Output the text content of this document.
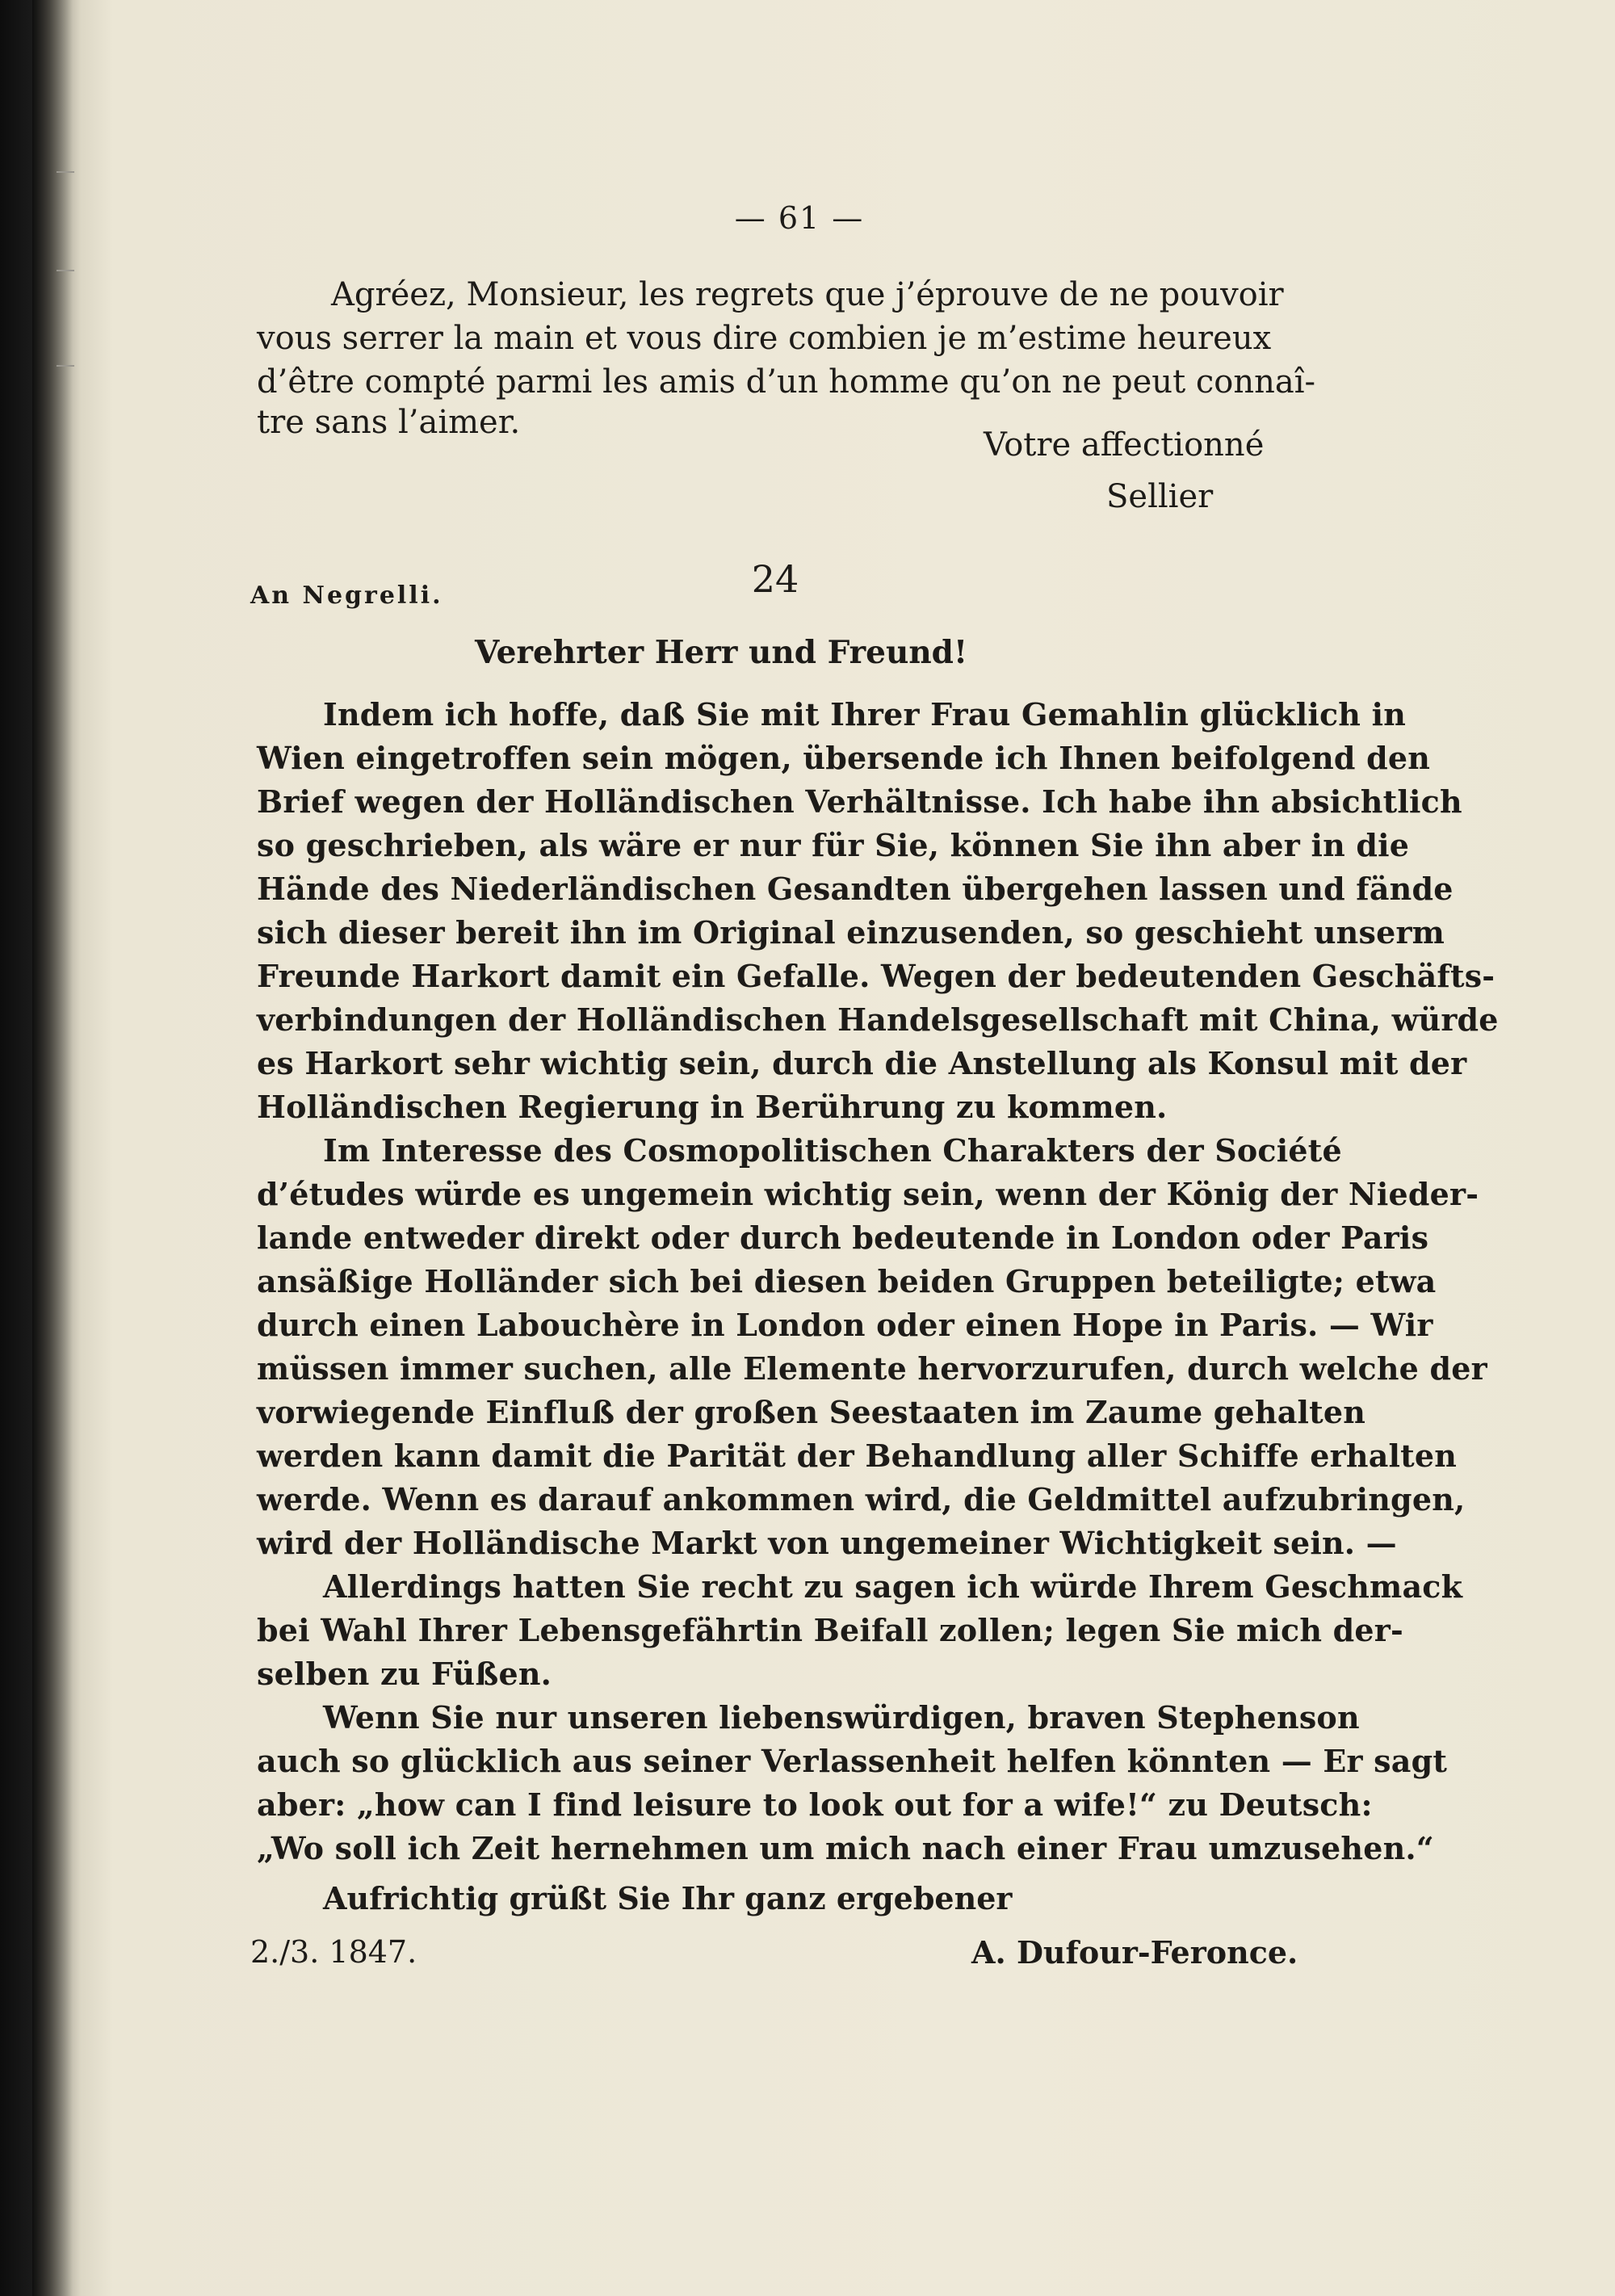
— 61 —
Agréez, Monsieur, les regrets que j’éprouve de ne pouvoir
vous serrer la main et vous dire combien je m’estime heureux
d’être compté parmi les amis d’un homme qu’on ne peut connaî-
tre sans l’aimer.
Votre affectionné
Sellier
24
An Negrelli.
Verehrter Herr und Freund!
Indem ich hoffe, daß Sie mit Ihrer Frau Gemahlin glücklich in
Wien eingetroffen sein mögen, übersende ich Ihnen beifolgend den
Brief wegen der Holländischen Verhältnisse. Ich habe ihn absichtlich
so geschrieben, als wäre er nur für Sie, können Sie ihn aber in die
Hände des Niederländischen Gesandten übergehen lassen und fände
sich dieser bereit ihn im Original einzusenden, so geschieht unserm
Freunde Harkort damit ein Gefalle. Wegen der bedeutenden Geschäfts-
verbindungen der Holländischen Handelsgesellschaft mit China, würde
es Harkort sehr wichtig sein, durch die Anstellung als Konsul mit der
Holländischen Regierung in Berührung zu kommen.
Im Interesse des Cosmopolitischen Charakters der Société
d’études würde es ungemein wichtig sein, wenn der König der Nieder-
lande entweder direkt oder durch bedeutende in London oder Paris
ansäßige Holländer sich bei diesen beiden Gruppen beteiligte; etwa
durch einen Labouchère in London oder einen Hope in Paris. — Wir
müssen immer suchen, alle Elemente hervorzurufen, durch welche der
vorwiegende Einfluß der großen Seestaaten im Zaume gehalten
werden kann damit die Parität der Behandlung aller Schiffe erhalten
werde. Wenn es darauf ankommen wird, die Geldmittel aufzubringen,
wird der Holländische Markt von ungemeiner Wichtigkeit sein. —
Allerdings hatten Sie recht zu sagen ich würde Ihrem Geschmack
bei Wahl Ihrer Lebensgefährtin Beifall zollen; legen Sie mich der-
selben zu Füßen.
Wenn Sie nur unseren liebenswürdigen, braven Stephenson
auch so glücklich aus seiner Verlassenheit helfen könnten — Er sagt
aber: „how can I find leisure to look out for a wife!“ zu Deutsch:
„Wo soll ich Zeit hernehmen um mich nach einer Frau umzusehen.“
Aufrichtig grüßt Sie Ihr ganz ergebener
2./3. 1847.	A. Dufour-Feronce.
